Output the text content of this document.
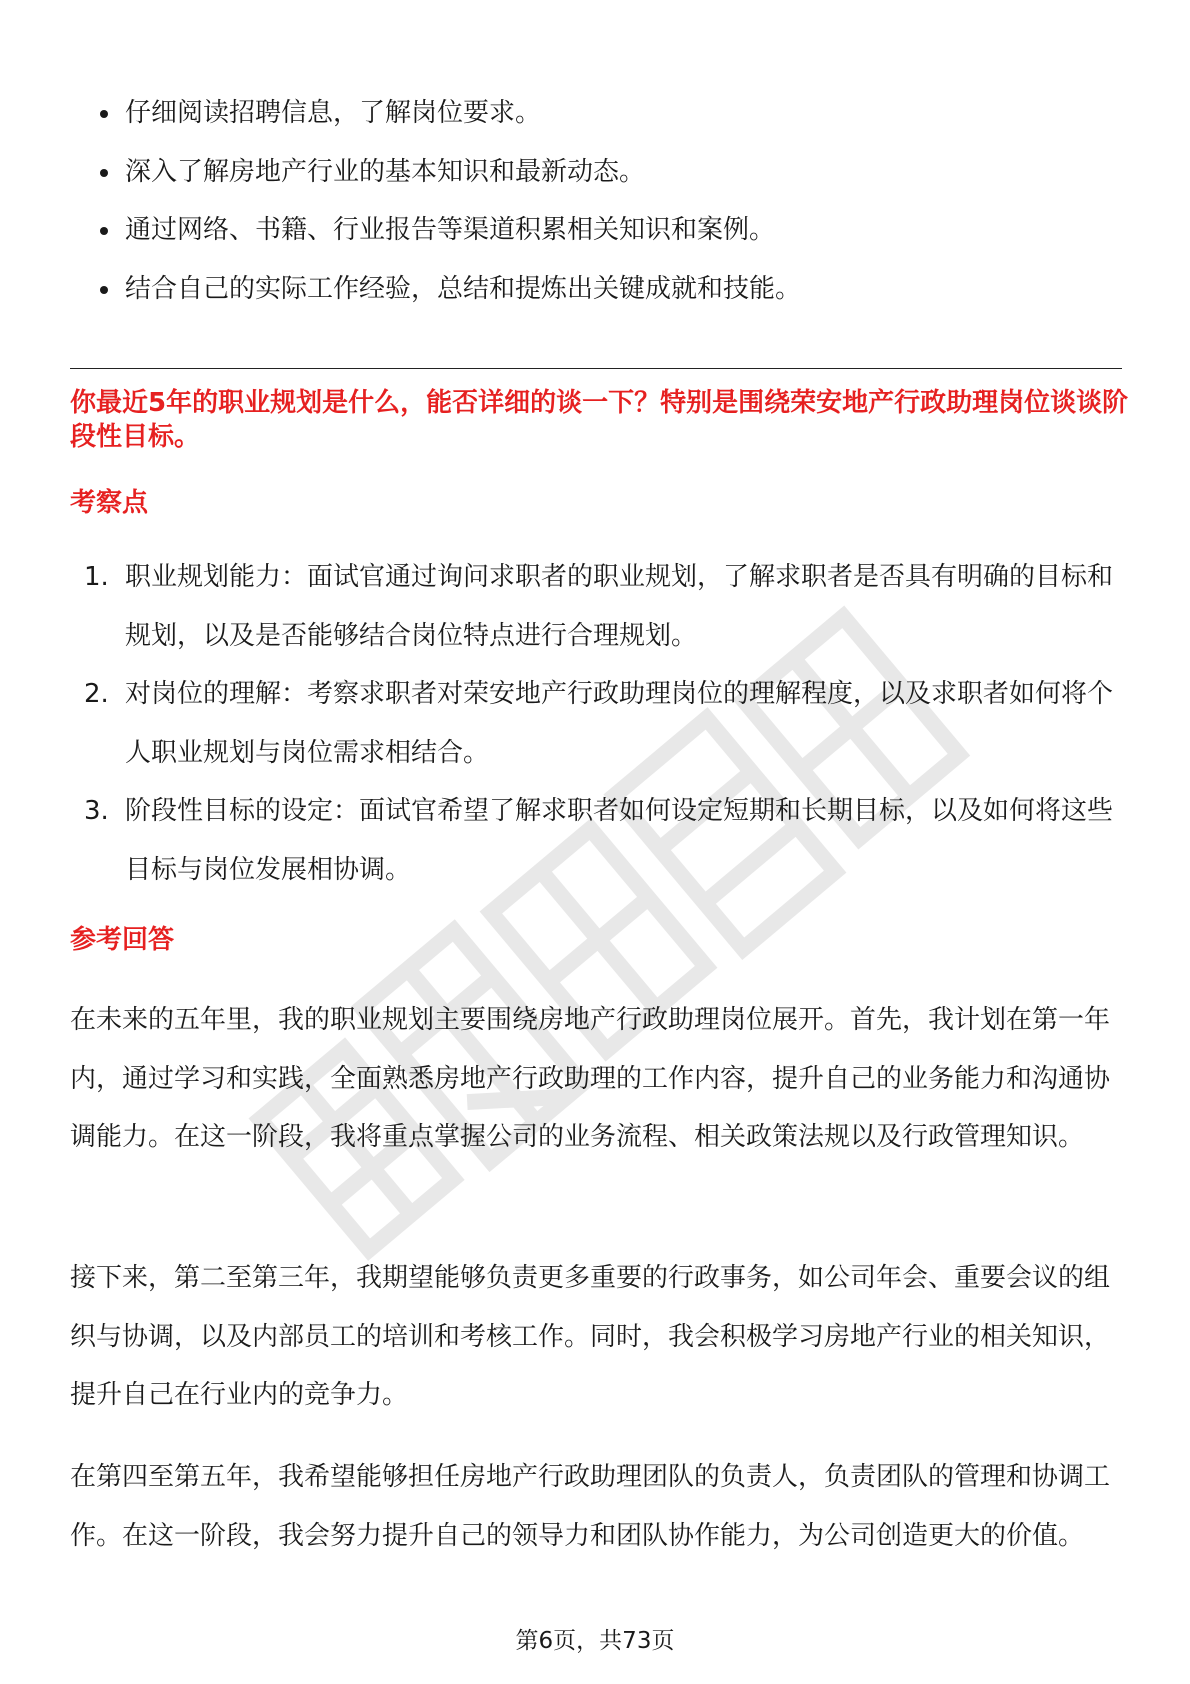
仔细阅读招聘信息，了解岗位要求。
深入了解房地产行业的基本知识和最新动态。
通过网络、书籍、行业报告等渠道积累相关知识和案例。
结合自己的实际工作经验，总结和提炼出关键成就和技能。
你最近5年的职业规划是什么，能否详细的谈一下？特别是围绕荣安地产行政助理岗位谈谈阶段性目标。
考察点
1. 职业规划能力：面试官通过询问求职者的职业规划，了解求职者是否具有明确的目标和规划，以及是否能够结合岗位特点进行合理规划。
2. 对岗位的理解：考察求职者对荣安地产行政助理岗位的理解程度，以及求职者如何将个人职业规划与岗位需求相结合。
3. 阶段性目标的设定：面试官希望了解求职者如何设定短期和长期目标，以及如何将这些目标与岗位发展相协调。
参考回答

在未来的五年里，我的职业规划主要围绕房地产行政助理岗位展开。首先，我计划在第一年内，通过学习和实践，全面熟悉房地产行政助理的工作内容，提升自己的业务能力和沟通协调能力。在这一阶段，我将重点掌握公司的业务流程、相关政策法规以及行政管理知识。

接下来，第二至第三年，我期望能够负责更多重要的行政事务，如公司年会、重要会议的组织与协调，以及内部员工的培训和考核工作。同时，我会积极学习房地产行业的相关知识，提升自己在行业内的竞争力。

在第四至第五年，我希望能够担任房地产行政助理团队的负责人，负责团队的管理和协调工作。在这一阶段，我会努力提升自己的领导力和团队协作能力，为公司创造更大的价值。

第6页，共73页
